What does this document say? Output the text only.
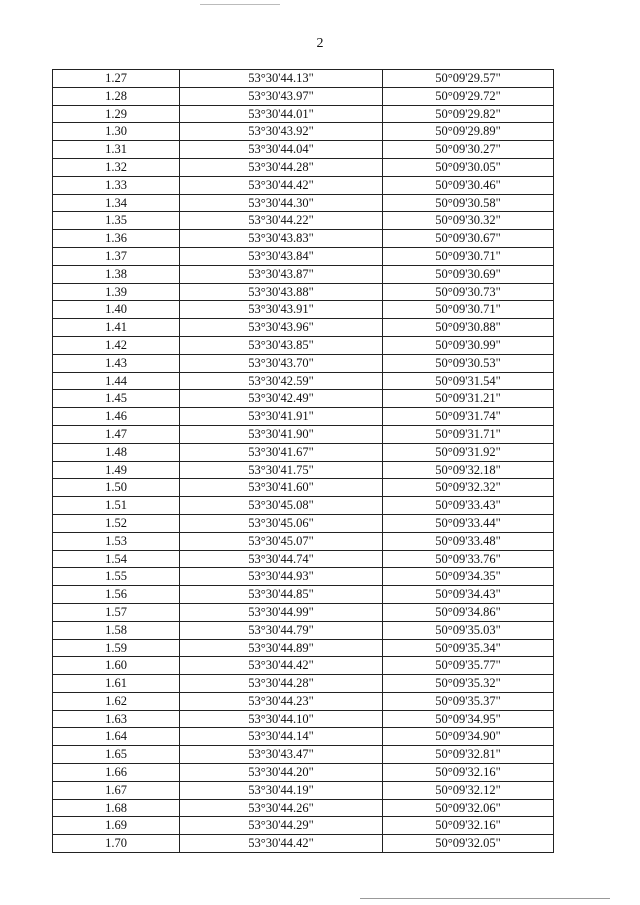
2
1.27	53°30'44.13"	50°09'29.57"
1.28	53°30'43.97"	50°09'29.72"
1.29	53°30'44.01"	50°09'29.82"
1.30	53°30'43.92"	50°09'29.89"
1.31	53°30'44.04"	50°09'30.27"
1.32	53°30'44.28"	50°09'30.05"
1.33	53°30'44.42"	50°09'30.46"
1.34	53°30'44.30"	50°09'30.58"
1.35	53°30'44.22"	50°09'30.32"
1.36	53°30'43.83"	50°09'30.67"
1.37	53°30'43.84"	50°09'30.71"
1.38	53°30'43.87"	50°09'30.69"
1.39	53°30'43.88"	50°09'30.73"
1.40	53°30'43.91"	50°09'30.71"
1.41	53°30'43.96"	50°09'30.88"
1.42	53°30'43.85"	50°09'30.99"
1.43	53°30'43.70"	50°09'30.53"
1.44	53°30'42.59"	50°09'31.54"
1.45	53°30'42.49"	50°09'31.21"
1.46	53°30'41.91"	50°09'31.74"
1.47	53°30'41.90"	50°09'31.71"
1.48	53°30'41.67"	50°09'31.92"
1.49	53°30'41.75"	50°09'32.18"
1.50	53°30'41.60"	50°09'32.32"
1.51	53°30'45.08"	50°09'33.43"
1.52	53°30'45.06"	50°09'33.44"
1.53	53°30'45.07"	50°09'33.48"
1.54	53°30'44.74"	50°09'33.76"
1.55	53°30'44.93"	50°09'34.35"
1.56	53°30'44.85"	50°09'34.43"
1.57	53°30'44.99"	50°09'34.86"
1.58	53°30'44.79"	50°09'35.03"
1.59	53°30'44.89"	50°09'35.34"
1.60	53°30'44.42"	50°09'35.77"
1.61	53°30'44.28"	50°09'35.32"
1.62	53°30'44.23"	50°09'35.37"
1.63	53°30'44.10"	50°09'34.95"
1.64	53°30'44.14"	50°09'34.90"
1.65	53°30'43.47"	50°09'32.81"
1.66	53°30'44.20"	50°09'32.16"
1.67	53°30'44.19"	50°09'32.12"
1.68	53°30'44.26"	50°09'32.06"
1.69	53°30'44.29"	50°09'32.16"
1.70	53°30'44.42"	50°09'32.05"
